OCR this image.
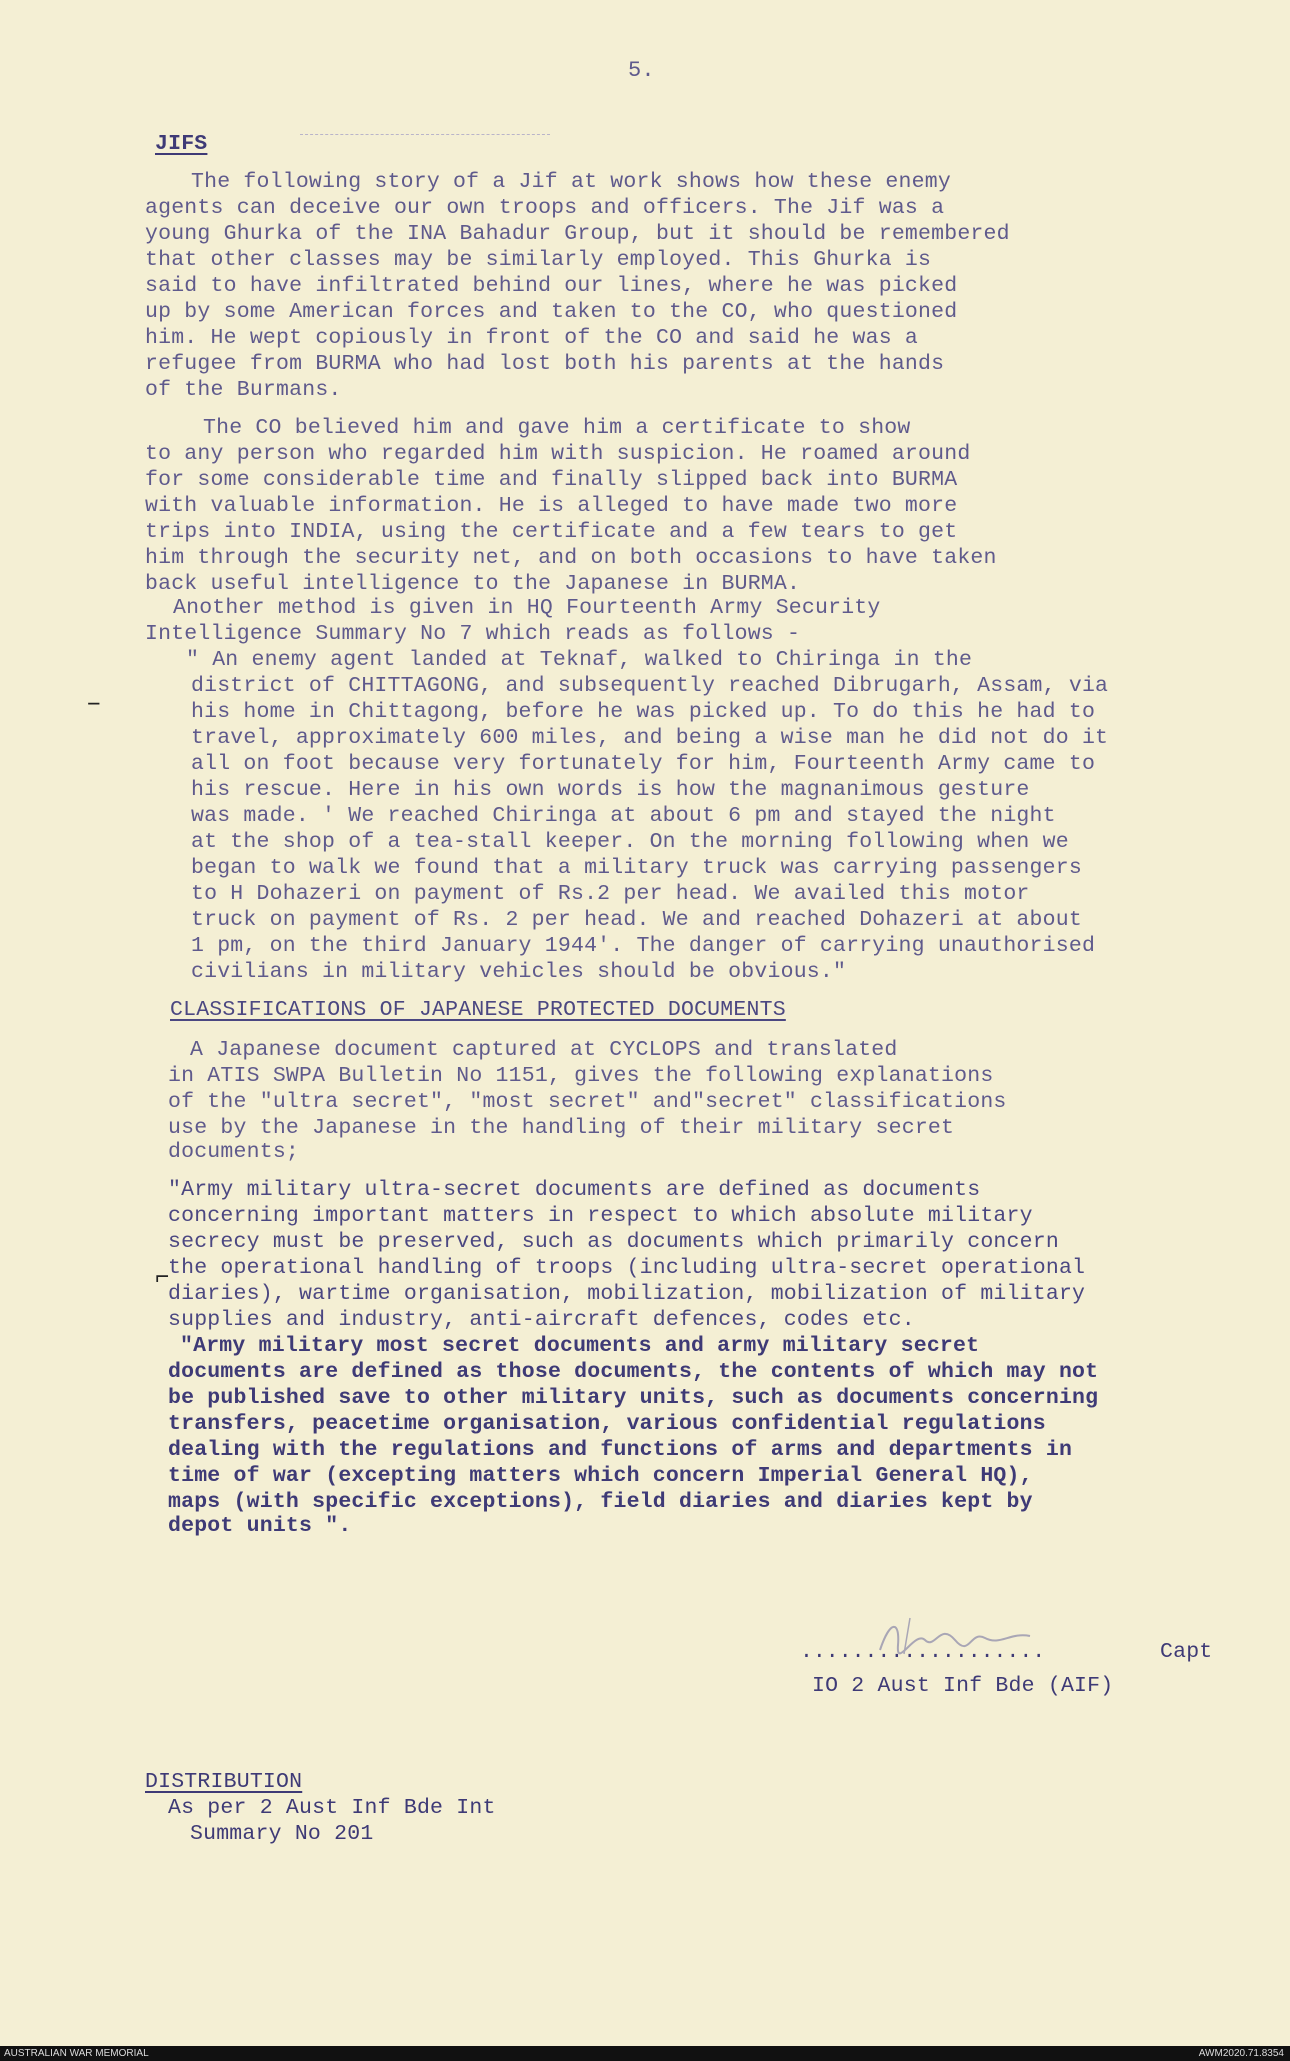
5.
JIFS
The following story of a Jif at work shows how these enemy
agents can deceive our own troops and officers. The Jif was a
young Ghurka of the INA Bahadur Group, but it should be remembered
that other classes may be similarly employed. This Ghurka is
said to have infiltrated behind our lines, where he was picked
up by some American forces and taken to the CO, who questioned
him. He wept copiously in front of the CO and said he was a
refugee from BURMA who had lost both his parents at the hands
of the Burmans.
The CO believed him and gave him a certificate to show
to any person who regarded him with suspicion. He roamed around
for some considerable time and finally slipped back into BURMA
with valuable information. He is alleged to have made two more
trips into INDIA, using the certificate and a few tears to get
him through the security net, and on both occasions to have taken
back useful intelligence to the Japanese in BURMA.
Another method is given in HQ Fourteenth Army Security
Intelligence Summary No 7 which reads as follows -
" An enemy agent landed at Teknaf, walked to Chiringa in the
district of CHITTAGONG, and subsequently reached Dibrugarh, Assam, via
his home in Chittagong, before he was picked up. To do this he had to
travel, approximately 600 miles, and being a wise man he did not do it
all on foot because very fortunately for him, Fourteenth Army came to
his rescue. Here in his own words is how the magnanimous gesture
was made. ' We reached Chiringa at about 6 pm and stayed the night
at the shop of a tea-stall keeper. On the morning following when we
began to walk we found that a military truck was carrying passengers
to H Dohazeri on payment of Rs.2 per head. We availed this motor
truck on payment of Rs. 2 per head. We and reached Dohazeri at about
1 pm, on the third January 1944'. The danger of carrying unauthorised
civilians in military vehicles should be obvious."
–
⌐
CLASSIFICATIONS OF JAPANESE PROTECTED DOCUMENTS
A Japanese document captured at CYCLOPS and translated
in ATIS SWPA Bulletin No 1151, gives the following explanations
of the "ultra secret", "most secret" and"secret" classifications
use by the Japanese in the handling of their military secret
documents;
"Army military ultra-secret documents are defined as documents
concerning important matters in respect to which absolute military
secrecy must be preserved, such as documents which primarily concern
the operational handling of troops (including ultra-secret operational
diaries), wartime organisation, mobilization, mobilization of military
supplies and industry, anti-aircraft defences, codes etc.
"Army military most secret documents and army military secret
documents are defined as those documents, the contents of which may not
be published save to other military units, such as documents concerning
transfers, peacetime organisation, various confidential regulations
dealing with the regulations and functions of arms and departments in
time of war (excepting matters which concern Imperial General HQ),
maps (with specific exceptions), field diaries and diaries kept by
depot units ".
...................	Capt
IO 2 Aust Inf Bde (AIF)
DISTRIBUTION
As per 2 Aust Inf Bde Int
Summary No 201
AUSTRALIAN WAR MEMORIAL	AWM2020.71.8354
